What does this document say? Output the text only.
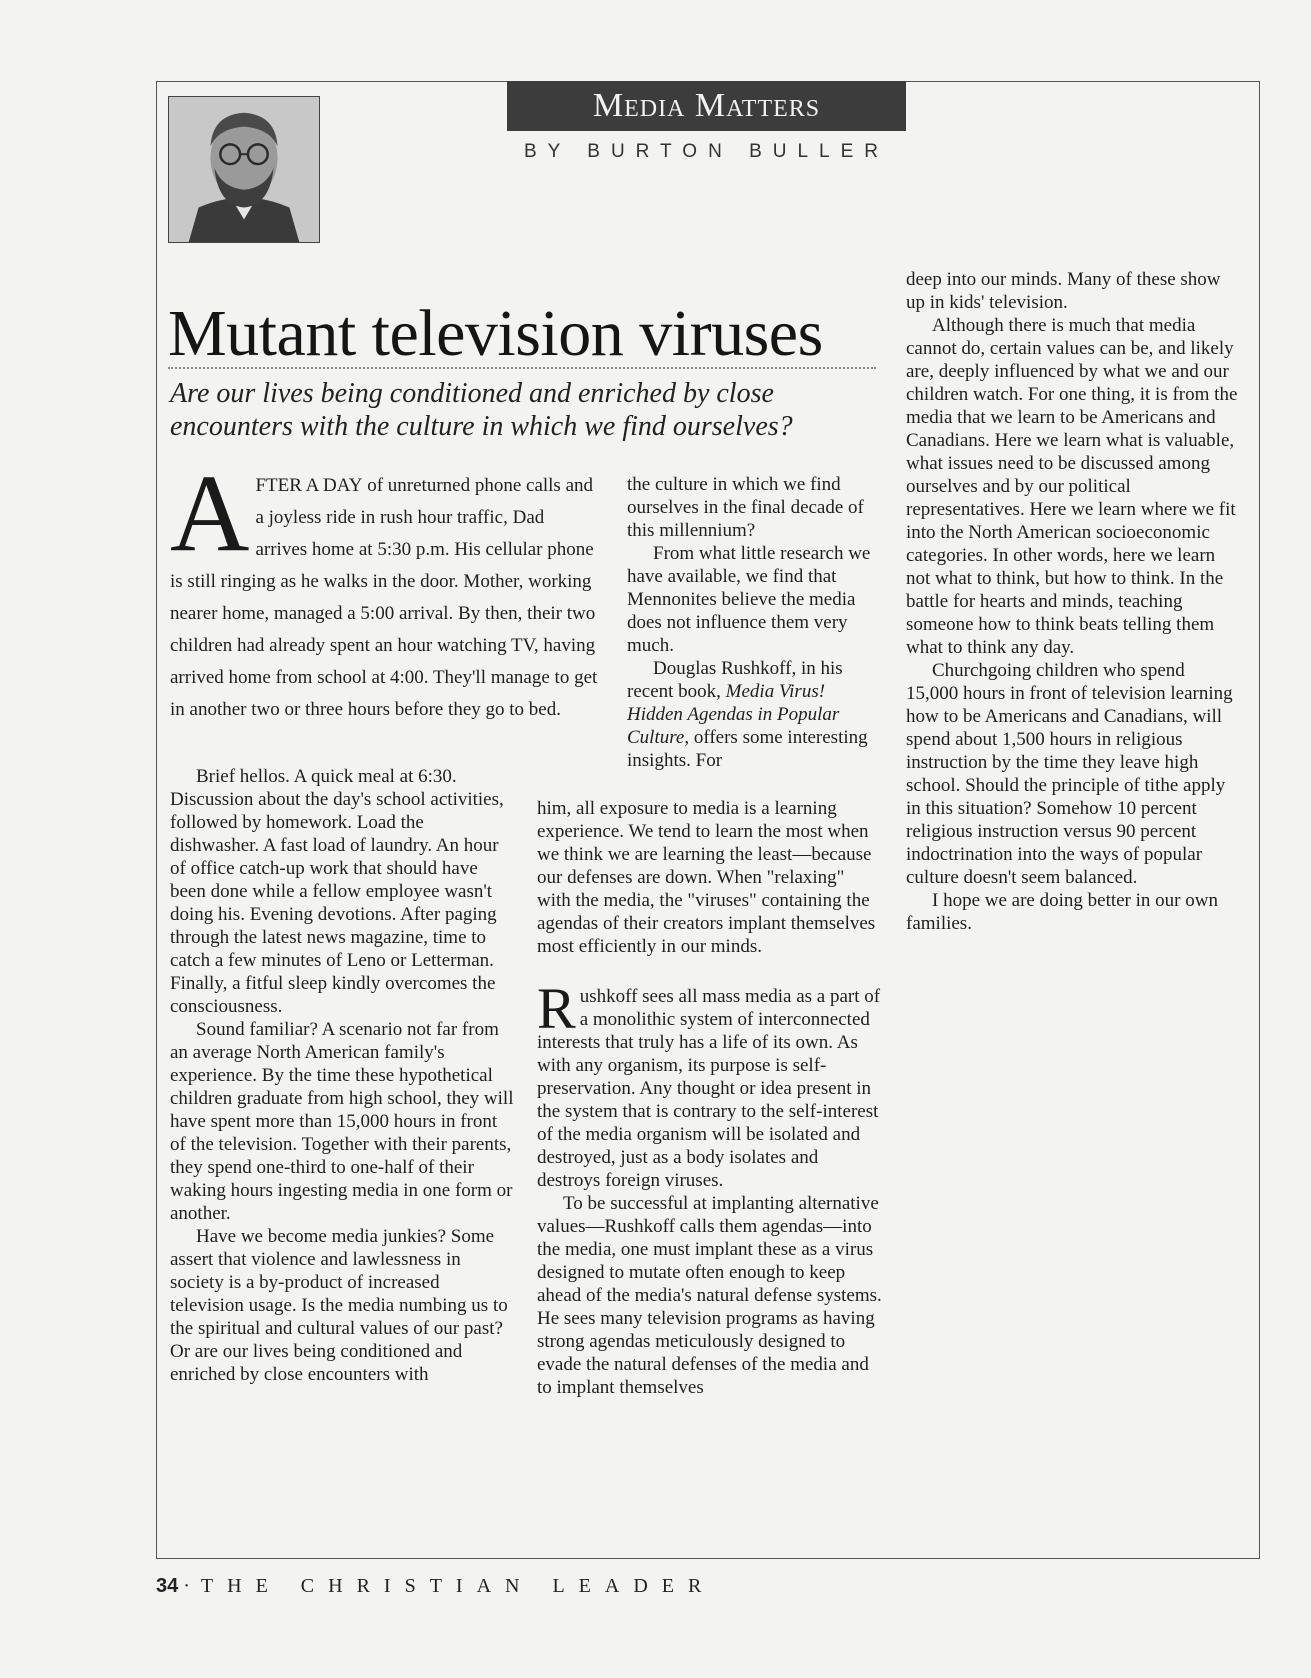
Media Matters
BY BURTON BULLER
Mutant television viruses
Are our lives being conditioned and enriched by close encounters with the culture in which we find ourselves?
AFTER A DAY of unreturned phone calls and a joyless ride in rush hour traffic, Dad arrives home at 5:30 p.m. His cellular phone is still ringing as he walks in the door. Mother, working nearer home, managed a 5:00 arrival. By then, their two children had already spent an hour watching TV, having arrived home from school at 4:00. They'll manage to get in another two or three hours before they go to bed.

Brief hellos. A quick meal at 6:30. Discussion about the day's school activities, followed by homework. Load the dishwasher. A fast load of laundry. An hour of office catch-up work that should have been done while a fellow employee wasn't doing his. Evening devotions. After paging through the latest news magazine, time to catch a few minutes of Leno or Letterman. Finally, a fitful sleep kindly overcomes the consciousness.

Sound familiar? A scenario not far from an average North American family's experience. By the time these hypothetical children graduate from high school, they will have spent more than 15,000 hours in front of the television. Together with their parents, they spend one-third to one-half of their waking hours ingesting media in one form or another.

Have we become media junkies? Some assert that violence and lawlessness in society is a by-product of increased television usage. Is the media numbing us to the spiritual and cultural values of our past? Or are our lives being conditioned and enriched by close encounters with

the culture in which we find ourselves in the final decade of this millennium?

From what little research we have available, we find that Mennonites believe the media does not influence them very much.

Douglas Rushkoff, in his recent book, Media Virus! Hidden Agendas in Popular Culture, offers some interesting insights. For

him, all exposure to media is a learning experience. We tend to learn the most when we think we are learning the least—because our defenses are down. When "relaxing" with the media, the "viruses" containing the agendas of their creators implant themselves most efficiently in our minds.

Rushkoff sees all mass media as a part of a monolithic system of interconnected interests that truly has a life of its own. As with any organism, its purpose is self-preservation. Any thought or idea present in the system that is contrary to the self-interest of the media organism will be isolated and destroyed, just as a body isolates and destroys foreign viruses.

To be successful at implanting alternative values—Rushkoff calls them agendas—into the media, one must implant these as a virus designed to mutate often enough to keep ahead of the media's natural defense systems. He sees many television programs as having strong agendas meticulously designed to evade the natural defenses of the media and to implant themselves

deep into our minds. Many of these show up in kids' television.

Although there is much that media cannot do, certain values can be, and likely are, deeply influenced by what we and our children watch. For one thing, it is from the media that we learn to be Americans and Canadians. Here we learn what is valuable, what issues need to be discussed among ourselves and by our political representatives. Here we learn where we fit into the North American socioeconomic categories. In other words, here we learn not what to think, but how to think. In the battle for hearts and minds, teaching someone how to think beats telling them what to think any day.

Churchgoing children who spend 15,000 hours in front of television learning how to be Americans and Canadians, will spend about 1,500 hours in religious instruction by the time they leave high school. Should the principle of tithe apply in this situation? Somehow 10 percent religious instruction versus 90 percent indoctrination into the ways of popular culture doesn't seem balanced.

I hope we are doing better in our own families.

34 · THE CHRISTIAN LEADER
